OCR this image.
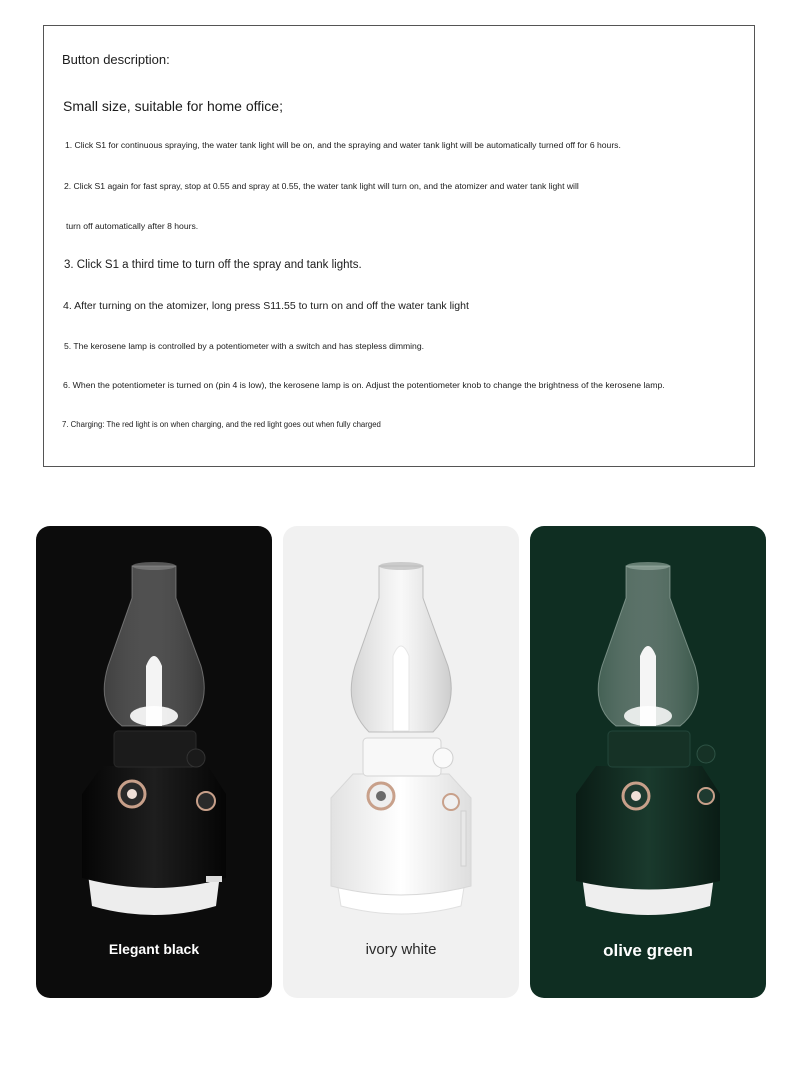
Button description:
Small size, suitable for home office;
1. Click S1 for continuous spraying, the water tank light will be on, and the spraying and water tank light will be automatically turned off for 6 hours.
2. Click S1 again for fast spray, stop at 0.55 and spray at 0.55, the water tank light will turn on, and the atomizer and water tank light will
turn off automatically after 8 hours.
3. Click S1 a third time to turn off the spray and tank lights.
4. After turning on the atomizer, long press S11.55 to turn on and off the water tank light
5. The kerosene lamp is controlled by a potentiometer with a switch and has stepless dimming.
6. When the potentiometer is turned on (pin 4 is low), the kerosene lamp is on. Adjust the potentiometer knob to change the brightness of the kerosene lamp.
7. Charging: The red light is on when charging, and the red light goes out when fully charged
Elegant black	ivory white	olive green
